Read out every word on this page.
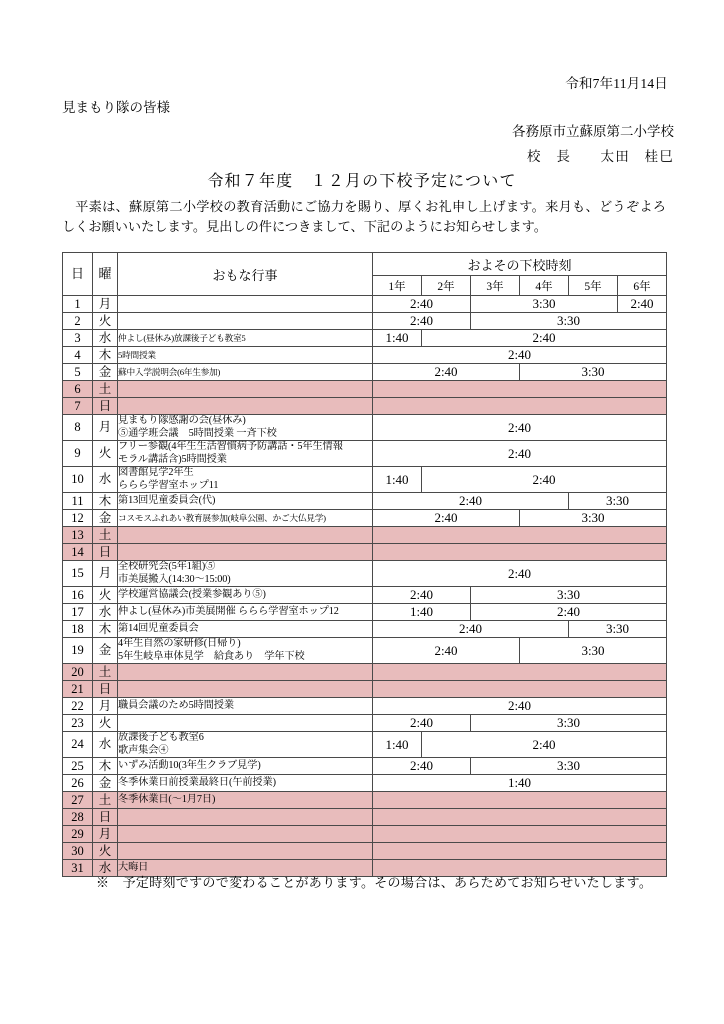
令和7年11月14日
見まもり隊の皆様
各務原市立蘇原第二小学校
校　長　　太田　桂巳
令和７年度　１２月の下校予定について
平素は、蘇原第二小学校の教育活動にご協力を賜り、厚くお礼申し上げます。来月も、どうぞよろしくお願いいたします。見出しの件につきまして、下記のようにお知らせします。
日	曜	おもな行事	およその下校時刻					
			1年	2年	3年	4年	5年	6年
1	月		2:40		3:30			2:40
2	火		2:40		3:30			
3	水	仲よし(昼休み)放課後子ども教室5	1:40	2:40				
4	木	5時間授業	2:40					
5	金	蘇中入学説明会(6年生参加)	2:40			3:30		
6	土							
7	日							
8	月	見まもり隊感謝の会(昼休み)
⑤通学班会議　5時間授業 一斉下校	2:40					
9	火	フリー参観(4年生生活習慣病予防講話・5年生情報
モラル講話含)5時間授業	2:40					
10	水	図書館見学2年生
ららら学習室ホップ11	1:40	2:40				
11	木	第13回児童委員会(代)	2:40				3:30	
12	金	コスモスふれあい教育展参加(岐阜公園、かご大仏見学)	2:40			3:30		
13	土							
14	日							
15	月	全校研究会(5年1組)⑤
市美展搬入(14:30〜15:00)	2:40					
16	火	学校運営協議会(授業参観あり⑤)	2:40		3:30			
17	水	仲よし(昼休み)市美展開催 ららら学習室ホップ12	1:40		2:40			
18	木	第14回児童委員会	2:40				3:30	
19	金	4年生自然の家研修(日帰り)
5年生岐阜車体見学　給食あり　学年下校	2:40			3:30		
20	土							
21	日							
22	月	職員会議のため5時間授業	2:40					
23	火		2:40		3:30			
24	水	放課後子ども教室6
歌声集会④	1:40	2:40				
25	木	いずみ活動10(3年生クラブ見学)	2:40		3:30			
26	金	冬季休業日前授業最終日(午前授業)	1:40					
27	土	冬季休業日(〜1月7日)						

28	日							
29	月							
30	火							
31	水	大晦日						

※　予定時刻ですので変わることがあります。その場合は、あらためてお知らせいたします。
